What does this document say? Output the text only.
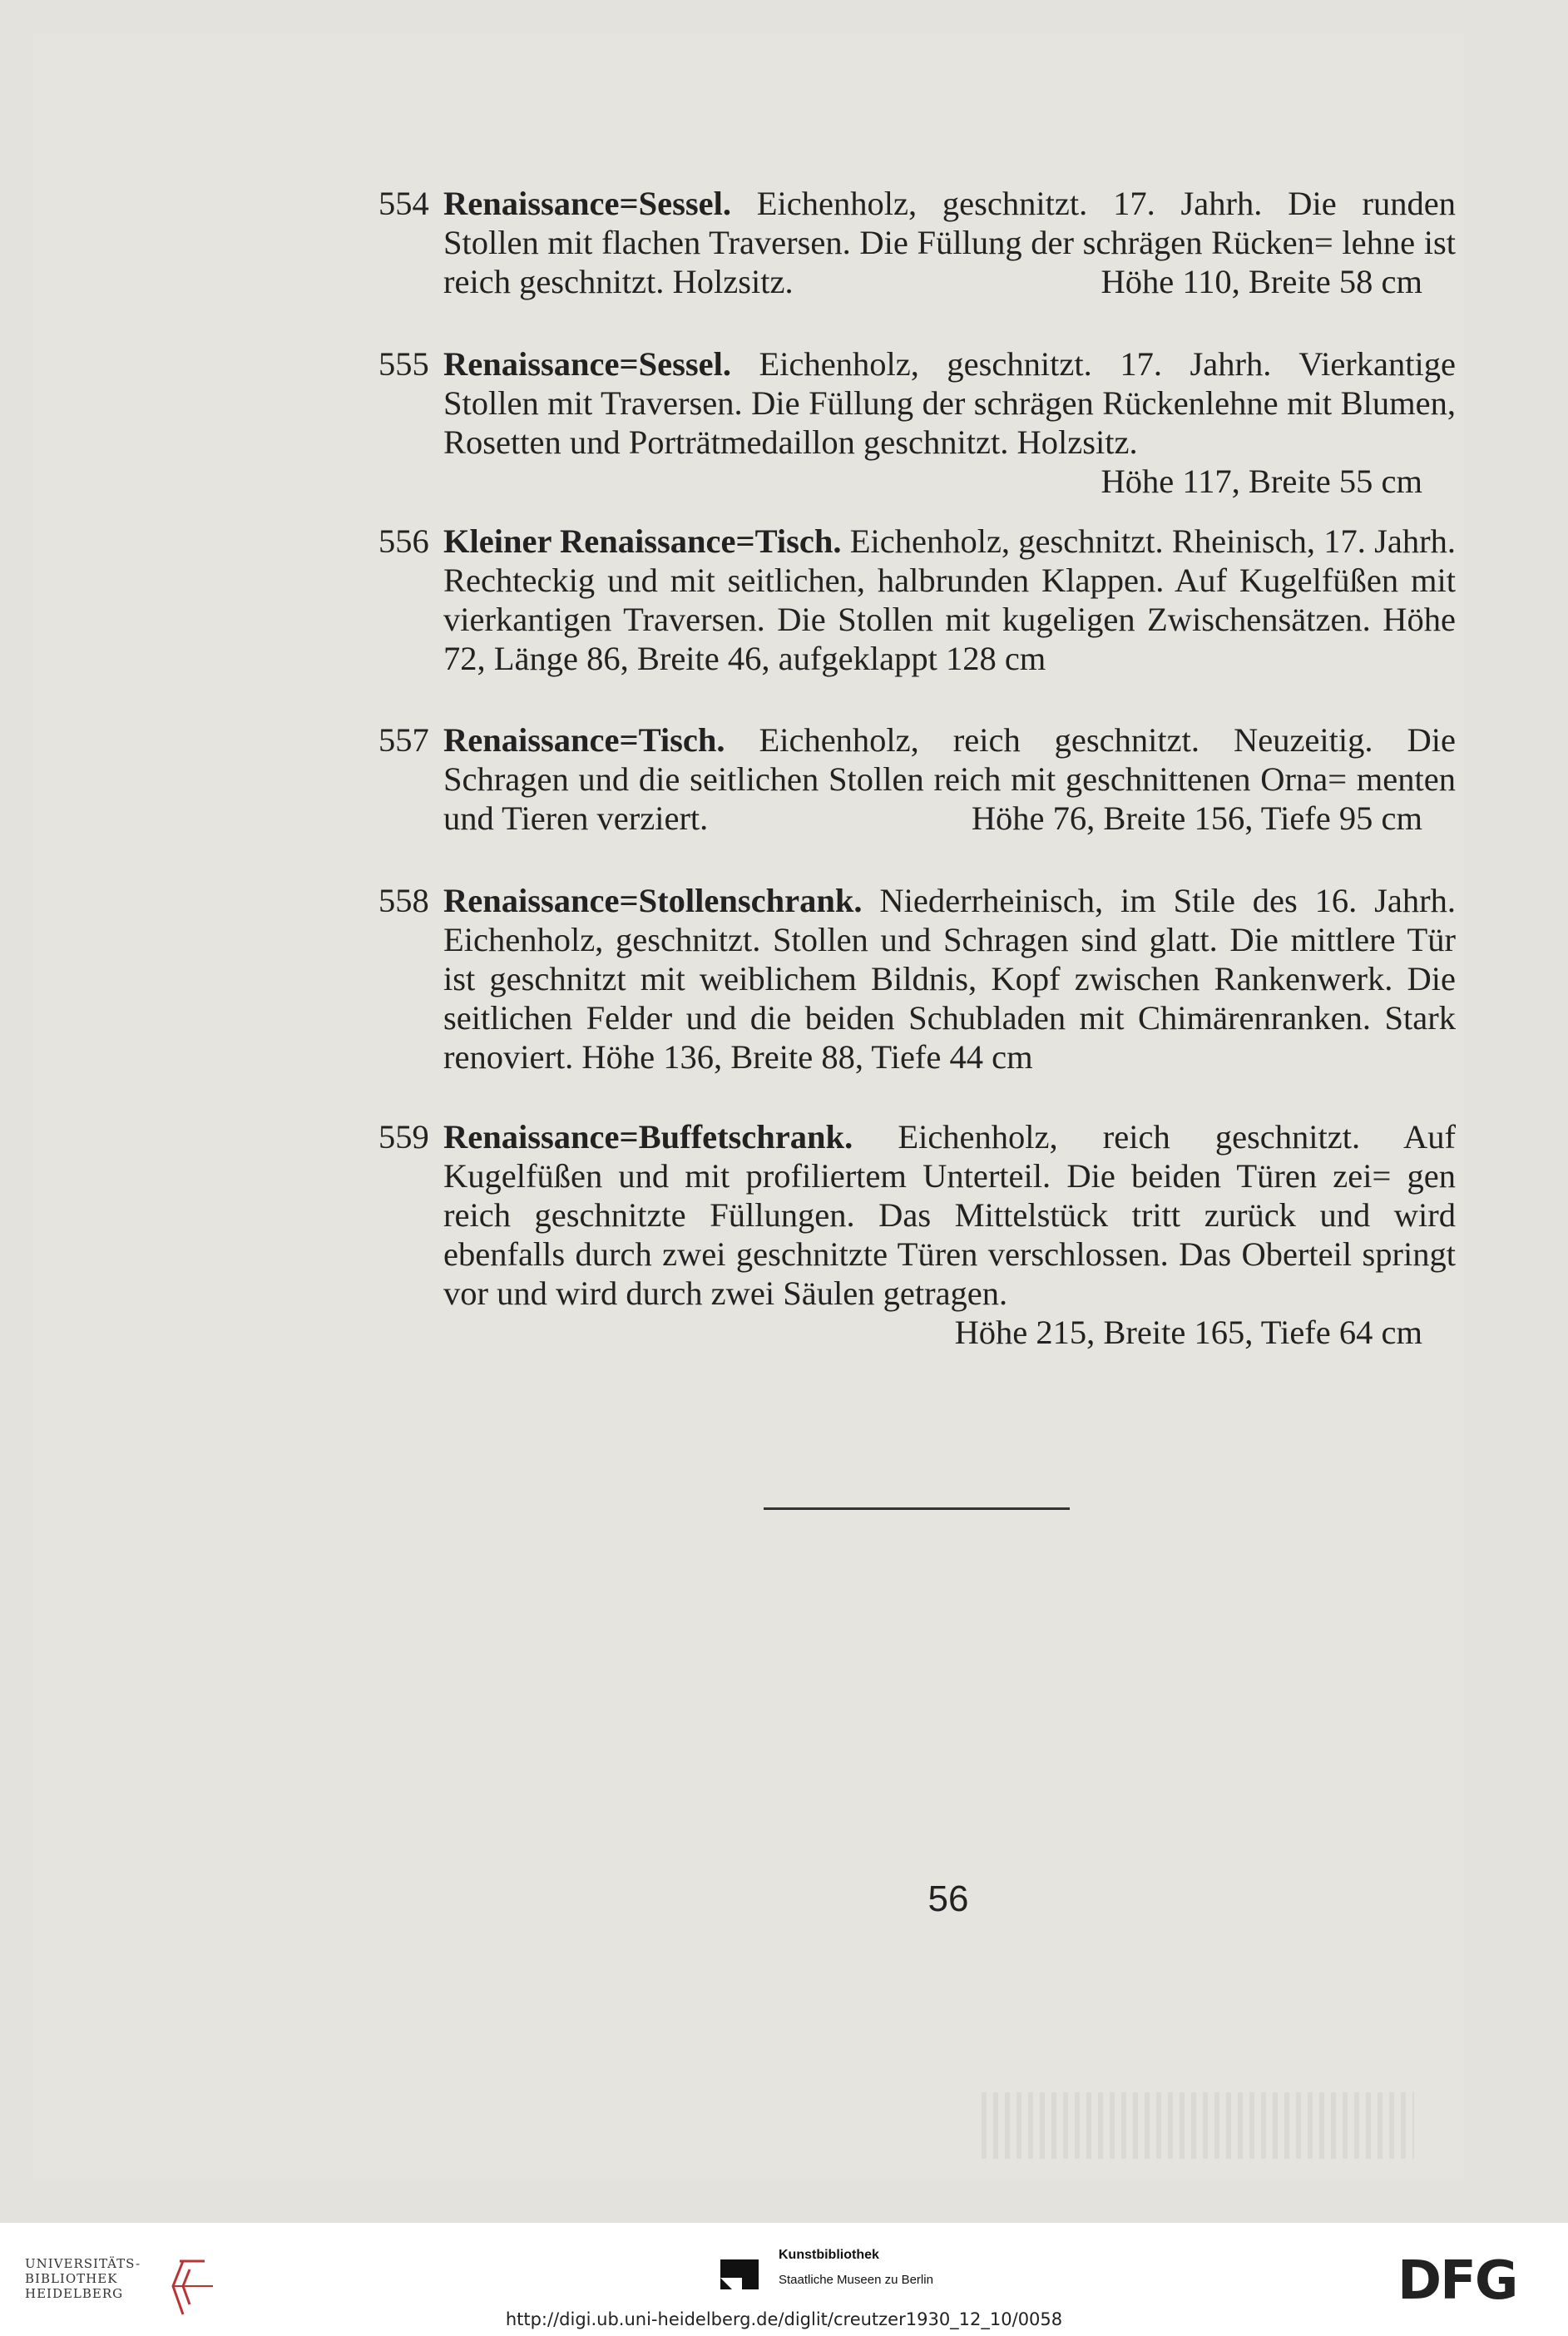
554 Renaissance=Sessel. Eichenholz, geschnitzt. 17. Jahrh. Die runden Stollen mit flachen Traversen. Die Füllung der schrägen Rücken= lehne ist reich geschnitzt. Holzsitz.	Höhe 110, Breite 58 cm
555 Renaissance=Sessel. Eichenholz, geschnitzt. 17. Jahrh. Vierkantige Stollen mit Traversen. Die Füllung der schrägen Rückenlehne mit Blumen, Rosetten und Porträtmedaillon geschnitzt. Holzsitz.
Höhe 117, Breite 55 cm
556 Kleiner Renaissance=Tisch. Eichenholz, geschnitzt. Rheinisch, 17. Jahrh. Rechteckig und mit seitlichen, halbrunden Klappen. Auf Kugelfüßen mit vierkantigen Traversen. Die Stollen mit kugeligen Zwischensätzen. Höhe 72, Länge 86, Breite 46, aufgeklappt 128 cm
557 Renaissance=Tisch. Eichenholz, reich geschnitzt. Neuzeitig. Die Schragen und die seitlichen Stollen reich mit geschnittenen Orna= menten und Tieren verziert.	Höhe 76, Breite 156, Tiefe 95 cm
558 Renaissance=Stollenschrank. Niederrheinisch, im Stile des 16. Jahrh. Eichenholz, geschnitzt. Stollen und Schragen sind glatt. Die mittlere Tür ist geschnitzt mit weiblichem Bildnis, Kopf zwischen Rankenwerk. Die seitlichen Felder und die beiden Schubladen mit Chimärenranken. Stark renoviert. Höhe 136, Breite 88, Tiefe 44 cm
559 Renaissance=Buffetschrank. Eichenholz, reich geschnitzt. Auf Kugelfüßen und mit profiliertem Unterteil. Die beiden Türen zei= gen reich geschnitzte Füllungen. Das Mittelstück tritt zurück und wird ebenfalls durch zwei geschnitzte Türen verschlossen. Das Oberteil springt vor und wird durch zwei Säulen getragen.
Höhe 215, Breite 165, Tiefe 64 cm
56
UNIVERSITÄTS-
BIBLIOTHEK
HEIDELBERG
Kunstbibliothek
Staatliche Museen zu Berlin	DFG
http://digi.ub.uni-heidelberg.de/diglit/creutzer1930_12_10/0058
